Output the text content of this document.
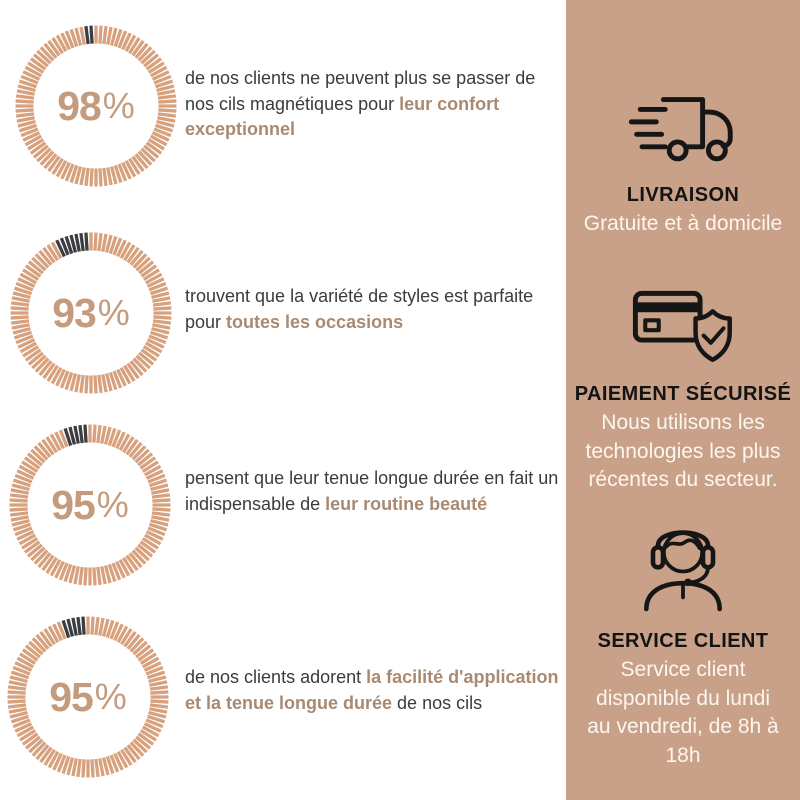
98 %

de nos clients ne peuvent plus se passer de nos cils magnétiques pour leur confort exceptionnel

93 %	trouvent que la variété de styles est parfaite pour toutes les occasions

95 %

pensent que leur tenue longue durée en fait un indispensable de leur routine beauté

95 %	de nos clients adorent la facilité d'application et la tenue longue durée de nos cils

LIVRAISON

Gratuite et à domicile

PAIEMENT SÉCURISÉ

Nous utilisons les technologies les plus récentes du secteur.

SERVICE CLIENT

Service client disponible du lundi au vendredi, de 8h à 18h
